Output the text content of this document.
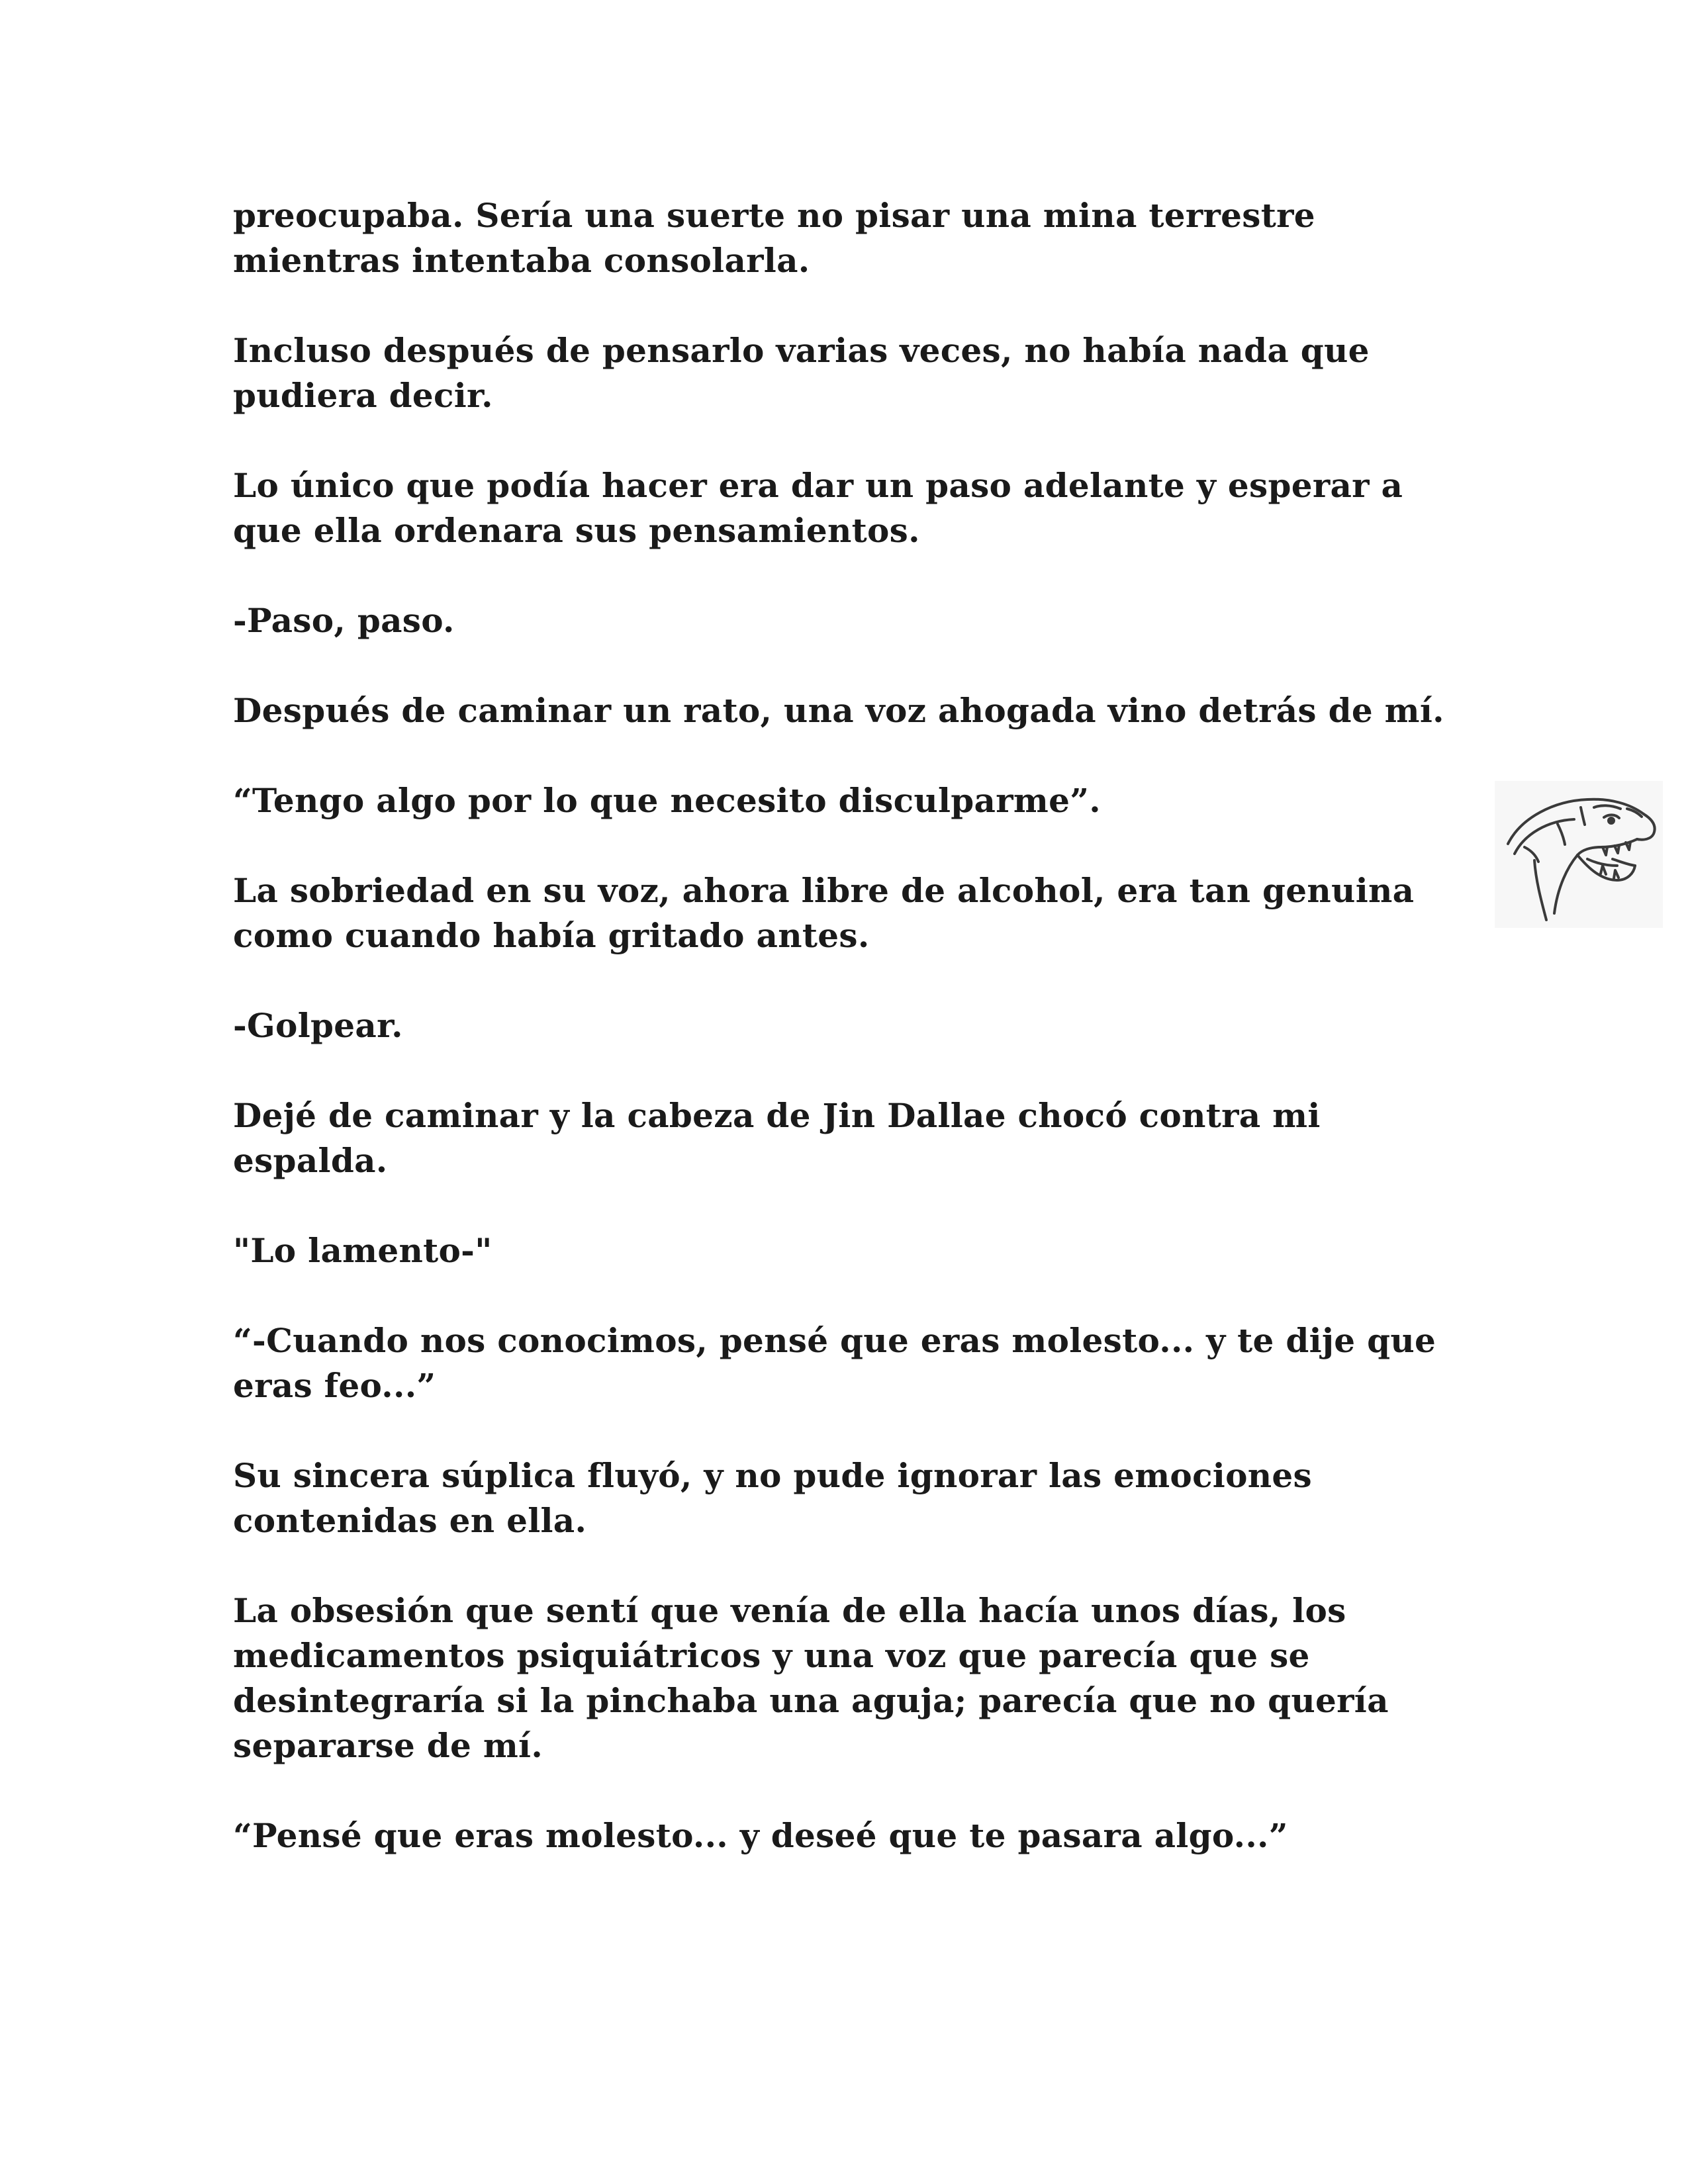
preocupaba. Sería una suerte no pisar una mina terrestre mientras intentaba consolarla.

Incluso después de pensarlo varias veces, no había nada que pudiera decir.

Lo único que podía hacer era dar un paso adelante y esperar a que ella ordenara sus pensamientos.

-Paso, paso.

Después de caminar un rato, una voz ahogada vino detrás de mí.

“Tengo algo por lo que necesito disculparme”.

La sobriedad en su voz, ahora libre de alcohol, era tan genuina como cuando había gritado antes.

-Golpear.

Dejé de caminar y la cabeza de Jin Dallae chocó contra mi espalda.

"Lo lamento-"

“-Cuando nos conocimos, pensé que eras molesto... y te dije que eras feo...”

Su sincera súplica fluyó, y no pude ignorar las emociones contenidas en ella.

La obsesión que sentí que venía de ella hacía unos días, los medicamentos psiquiátricos y una voz que parecía que se desintegraría si la pinchaba una aguja; parecía que no quería separarse de mí.

“Pensé que eras molesto... y deseé que te pasara algo...”
